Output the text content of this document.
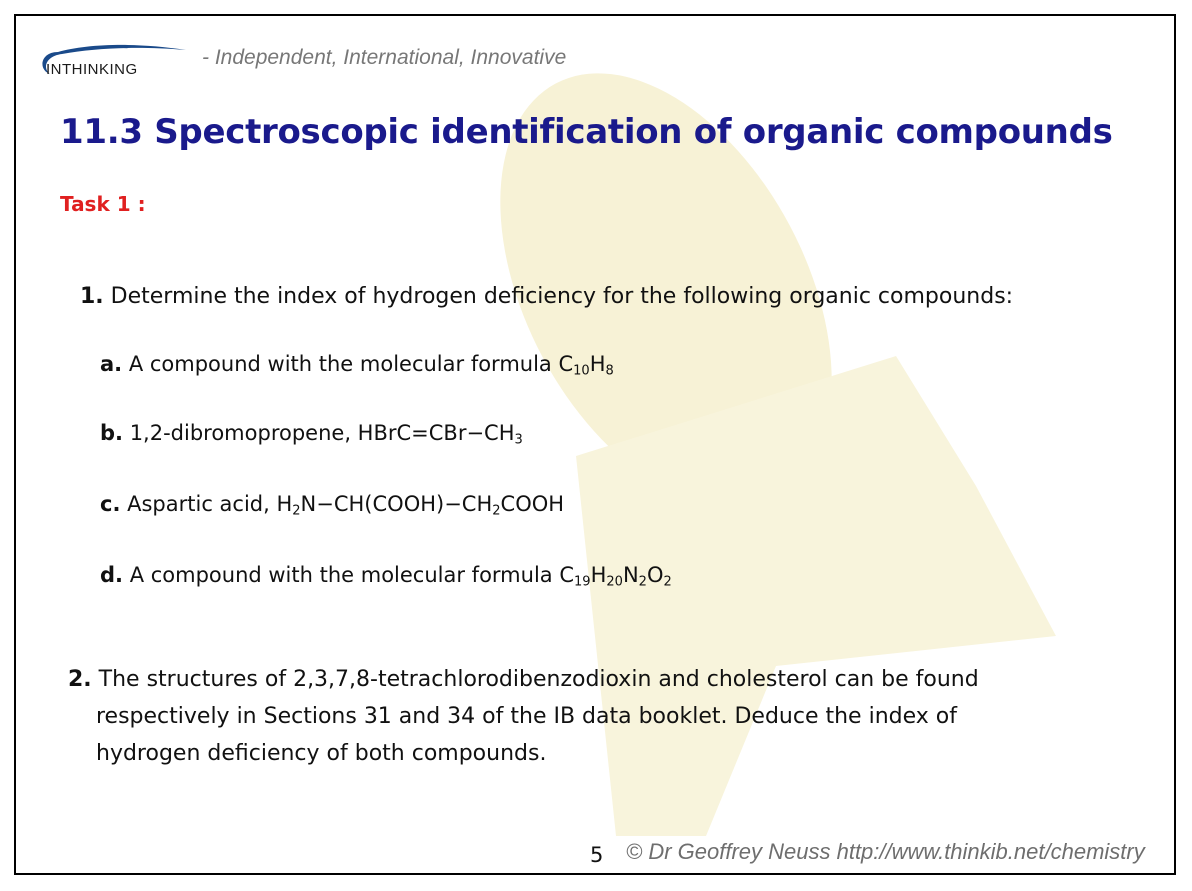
INTHINKING
- Independent, International, Innovative
11.3 Spectroscopic identification of organic compounds
Task 1 :
1. Determine the index of hydrogen deficiency for the following organic compounds:
a. A compound with the molecular formula $C_{10}H_8$
b. 1,2-dibromopropene, $HBrC=CBr-CH_3$
c. Aspartic acid, $H_2N-CH(COOH)-CH_2COOH$
d. A compound with the molecular formula $C_{19}H_{20}N_2O_2$
2. The structures of 2,3,7,8-tetrachlorodibenzodioxin and cholesterol can be found
respectively in Sections 31 and 34 of the IB data booklet. Deduce the index of
hydrogen deficiency of both compounds.
5 © Dr Geoffrey Neuss http://www.thinkib.net/chemistry
